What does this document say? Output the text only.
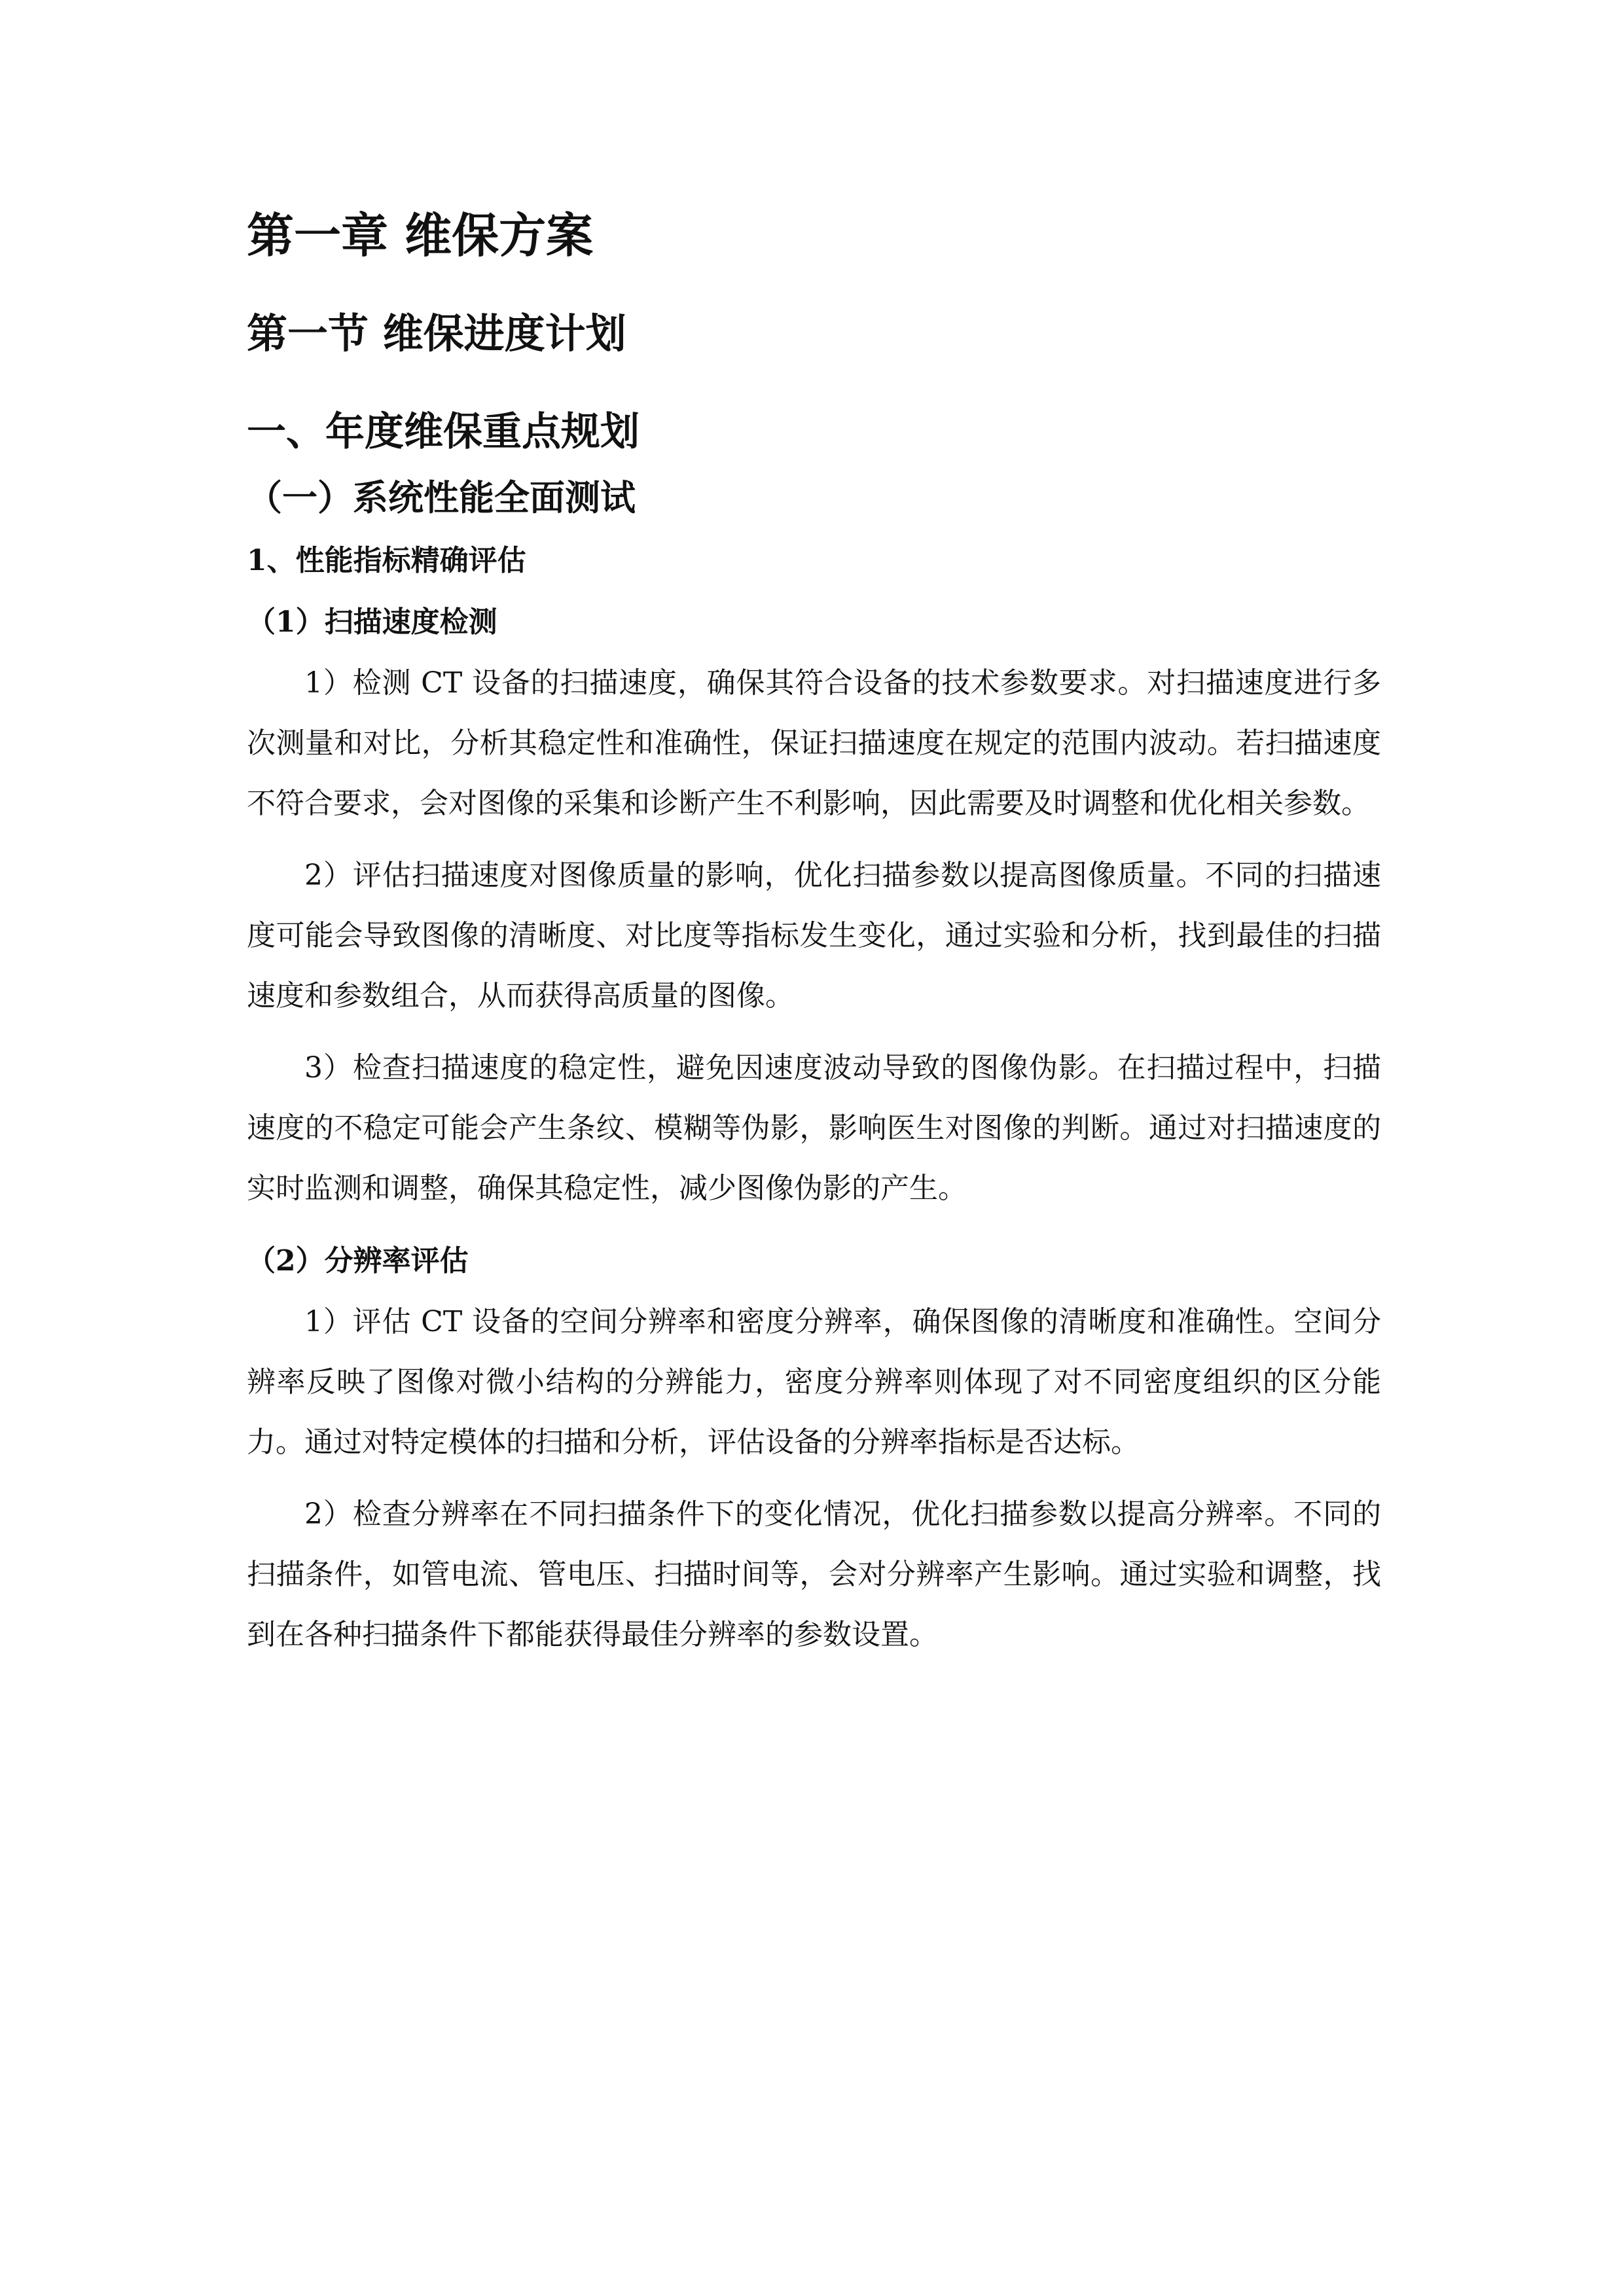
第一章 维保方案
第一节 维保进度计划
一、年度维保重点规划
（一）系统性能全面测试
1、性能指标精确评估
（1）扫描速度检测

1）检测 CT 设备的扫描速度，确保其符合设备的技术参数要求。对扫描速度进行多次测量和对比，分析其稳定性和准确性，保证扫描速度在规定的范围内波动。若扫描速度不符合要求，会对图像的采集和诊断产生不利影响，因此需要及时调整和优化相关参数。

2）评估扫描速度对图像质量的影响，优化扫描参数以提高图像质量。不同的扫描速度可能会导致图像的清晰度、对比度等指标发生变化，通过实验和分析，找到最佳的扫描速度和参数组合，从而获得高质量的图像。

3）检查扫描速度的稳定性，避免因速度波动导致的图像伪影。在扫描过程中，扫描速度的不稳定可能会产生条纹、模糊等伪影，影响医生对图像的判断。通过对扫描速度的实时监测和调整，确保其稳定性，减少图像伪影的产生。

（2）分辨率评估

1）评估 CT 设备的空间分辨率和密度分辨率，确保图像的清晰度和准确性。空间分辨率反映了图像对微小结构的分辨能力，密度分辨率则体现了对不同密度组织的区分能力。通过对特定模体的扫描和分析，评估设备的分辨率指标是否达标。

2）检查分辨率在不同扫描条件下的变化情况，优化扫描参数以提高分辨率。不同的扫描条件，如管电流、管电压、扫描时间等，会对分辨率产生影响。通过实验和调整，找到在各种扫描条件下都能获得最佳分辨率的参数设置。
